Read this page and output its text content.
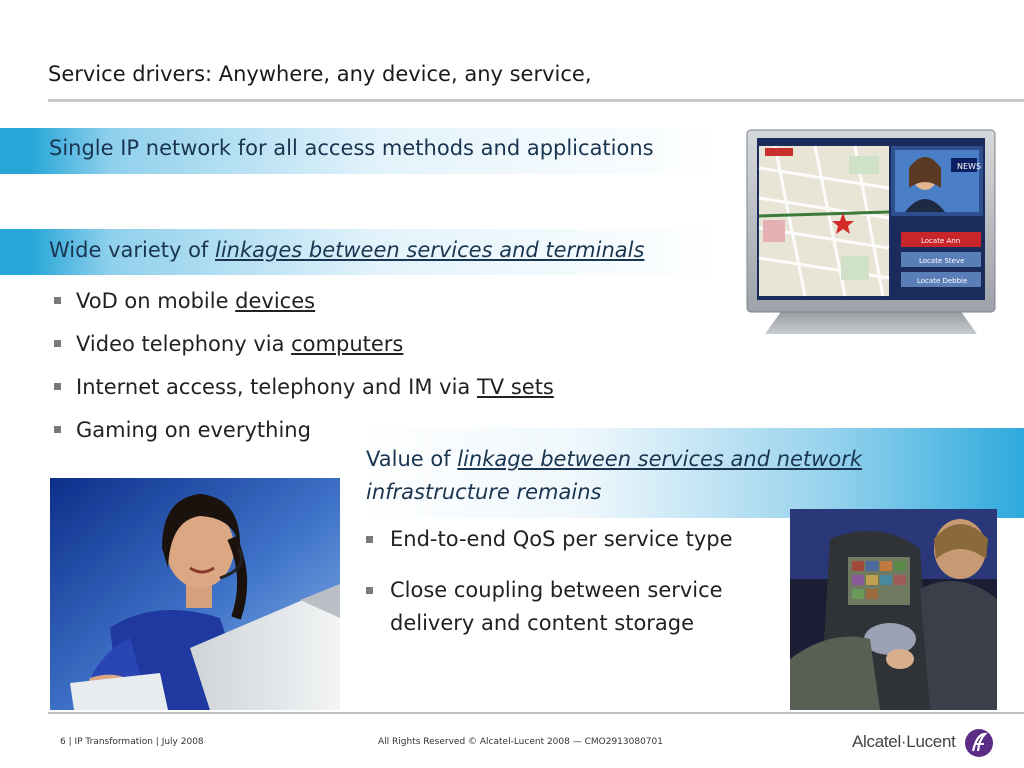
Service drivers: Anywhere, any device, any service,
Single IP network for all access methods and applications
Wide variety of linkages between services and terminals
VoD on mobile devices
Video telephony via computers
Internet access, telephony and IM via TV sets
Gaming on everything
NEWS
Locate Ann
Locate Steve
Locate Debbie
Value of linkage between services and network
infrastructure remains
End-to-end QoS per service type
Close coupling between service
delivery and content storage
6 | IP Transformation | July 2008	All Rights Reserved © Alcatel-Lucent 2008 — CMO2913080701	Alcatel·Lucent
